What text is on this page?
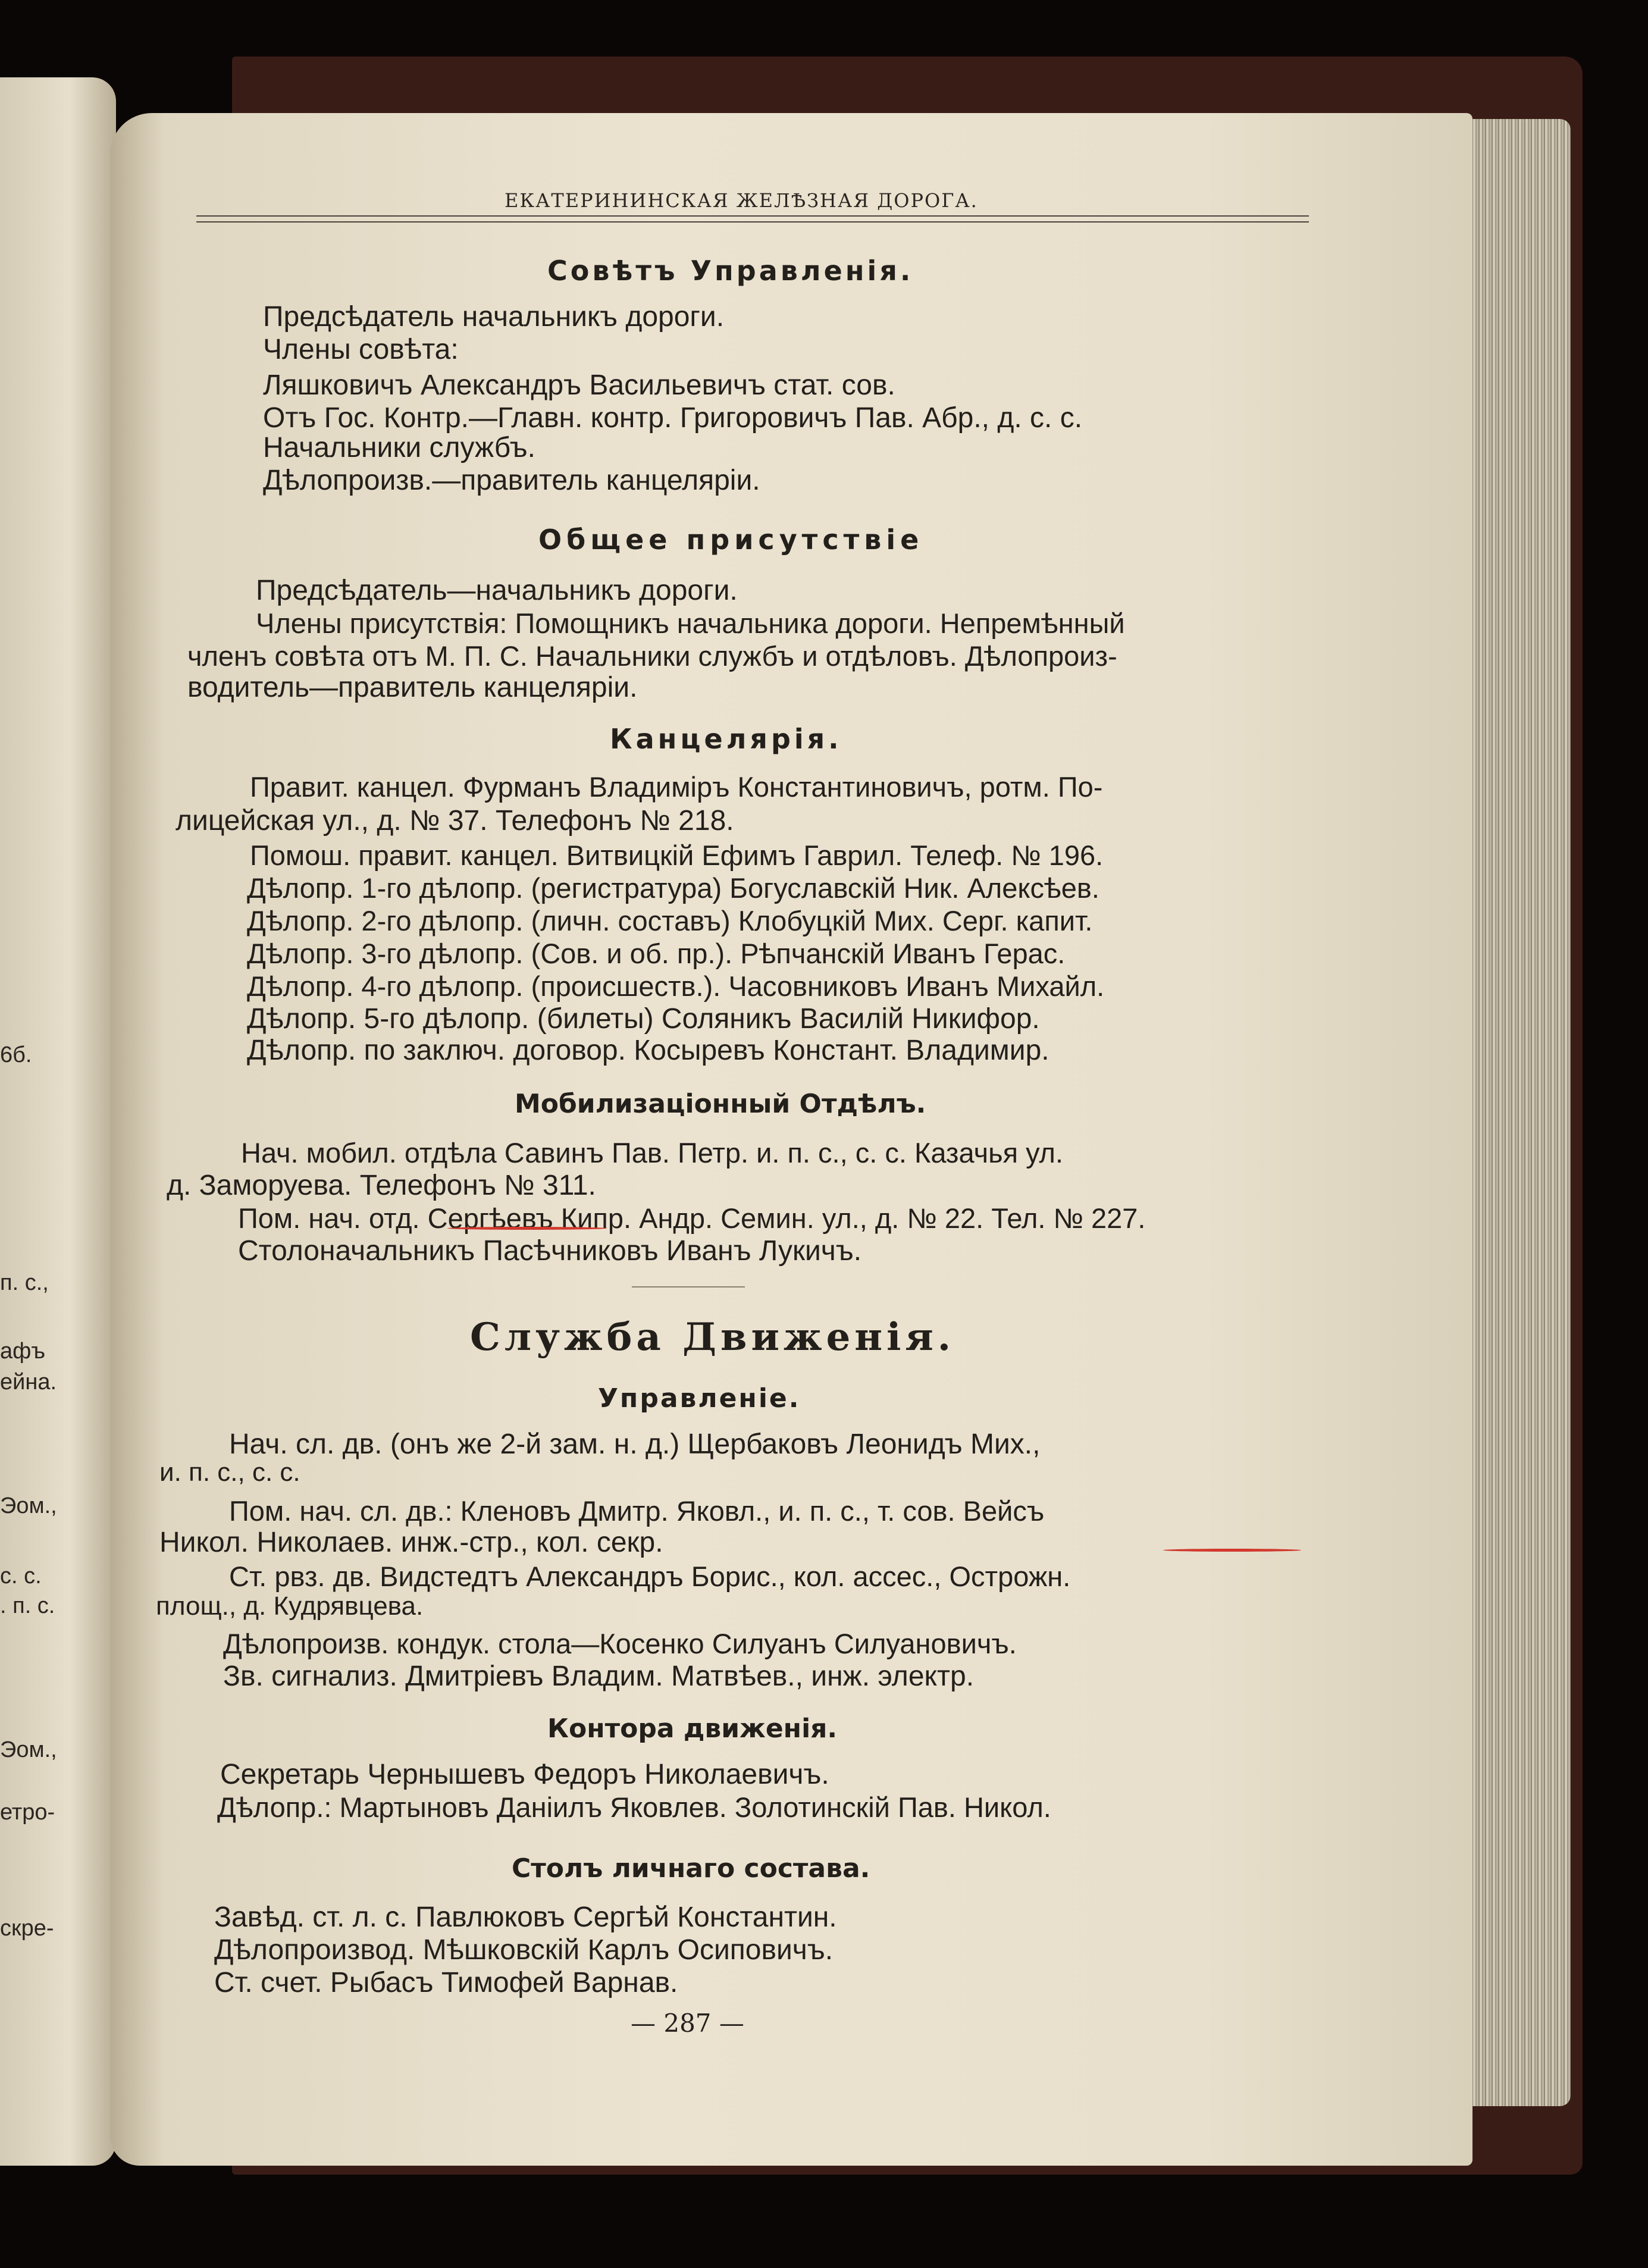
6б.
п. с.,
афъ
ейна.
Эом.,
с. с.
. п. с.
Эом.,
етро-
скре-
ЕКАТЕРИНИНСКАЯ ЖЕЛѢЗНАЯ ДОРОГА.
Совѣтъ Управленія.
Предсѣдатель начальникъ дороги.
Члены совѣта:
Ляшковичъ Александръ Васильевичъ стат. сов.
Отъ Гос. Контр.—Главн. контр. Григоровичъ Пав. Абр., д. с. с.
Начальники службъ.
Дѣлопроизв.—правитель канцеляріи.
Общее присутствіе
Предсѣдатель—начальникъ дороги.
Члены присутствія: Помощникъ начальника дороги. Непремѣнный
членъ совѣта отъ М. П. С. Начальники службъ и отдѣловъ. Дѣлопроиз-
водитель—правитель канцеляріи.
Канцелярія.
Правит. канцел. Фурманъ Владиміръ Константиновичъ, ротм. По-
лицейская ул., д. № 37. Телефонъ № 218.
Помош. правит. канцел. Витвицкій Ефимъ Гаврил. Телеф. № 196.
Дѣлопр. 1-го дѣлопр. (регистратура) Богуславскій Ник. Алексѣев.
Дѣлопр. 2-го дѣлопр. (личн. составъ) Клобуцкій Мих. Серг. капит.
Дѣлопр. 3-го дѣлопр. (Сов. и об. пр.). Рѣпчанскій Иванъ Герас.
Дѣлопр. 4-го дѣлопр. (происшеств.). Часовниковъ Иванъ Михайл.
Дѣлопр. 5-го дѣлопр. (билеты) Соляникъ Василій Никифор.
Дѣлопр. по заключ. договор. Косыревъ Констант. Владимир.
Мобилизаціонный Отдѣлъ.
Нач. мобил. отдѣла Савинъ Пав. Петр. и. п. с., с. с. Казачья ул.
д. Заморуева. Телефонъ № 311.
Пом. нач. отд. Сергѣевъ Кипр. Андр. Семин. ул., д. № 22. Тел. № 227.
Столоначальникъ Пасѣчниковъ Иванъ Лукичъ.
Служба Движенія.
Управленіе.
Нач. сл. дв. (онъ же 2-й зам. н. д.) Щербаковъ Леонидъ Мих.,
и. п. с., с. с.
Пом. нач. сл. дв.: Кленовъ Дмитр. Яковл., и. п. с., т. сов. Вейсъ
Никол. Николаев. инж.-стр., кол. секр.
Ст. рвз. дв. Видстедтъ Александръ Борис., кол. ассес., Острожн.
площ., д. Кудрявцева.
Дѣлопроизв. кондук. стола—Косенко Силуанъ Силуановичъ.
Зв. сигнализ. Дмитріевъ Владим. Матвѣев., инж. электр.
Контора движенія.
Секретарь Чернышевъ Федоръ Николаевичъ.
Дѣлопр.: Мартыновъ Даніилъ Яковлев. Золотинскій Пав. Никол.
Столъ личнаго состава.
Завѣд. ст. л. с. Павлюковъ Сергѣй Константин.
Дѣлопроизвод. Мѣшковскій Карлъ Осиповичъ.
Ст. счет. Рыбасъ Тимофей Варнав.
— 287 —
